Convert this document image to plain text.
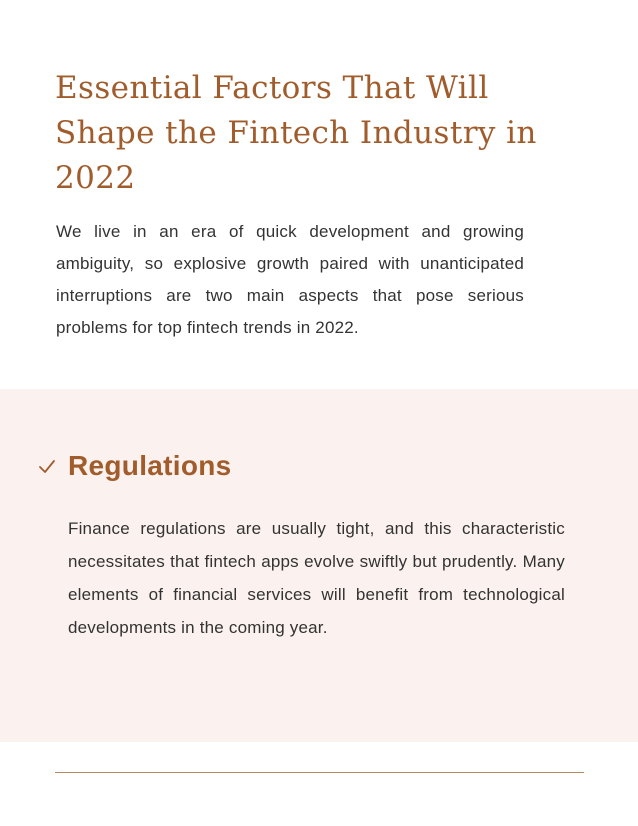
Essential Factors That Will Shape the Fintech Industry in 2022

We live in an era of quick development and growing ambiguity, so explosive growth paired with unanticipated interruptions are two main aspects that pose serious problems for top fintech trends in 2022.

Regulations

Finance regulations are usually tight, and this characteristic necessitates that fintech apps evolve swiftly but prudently. Many elements of financial services will benefit from technological developments in the coming year.
